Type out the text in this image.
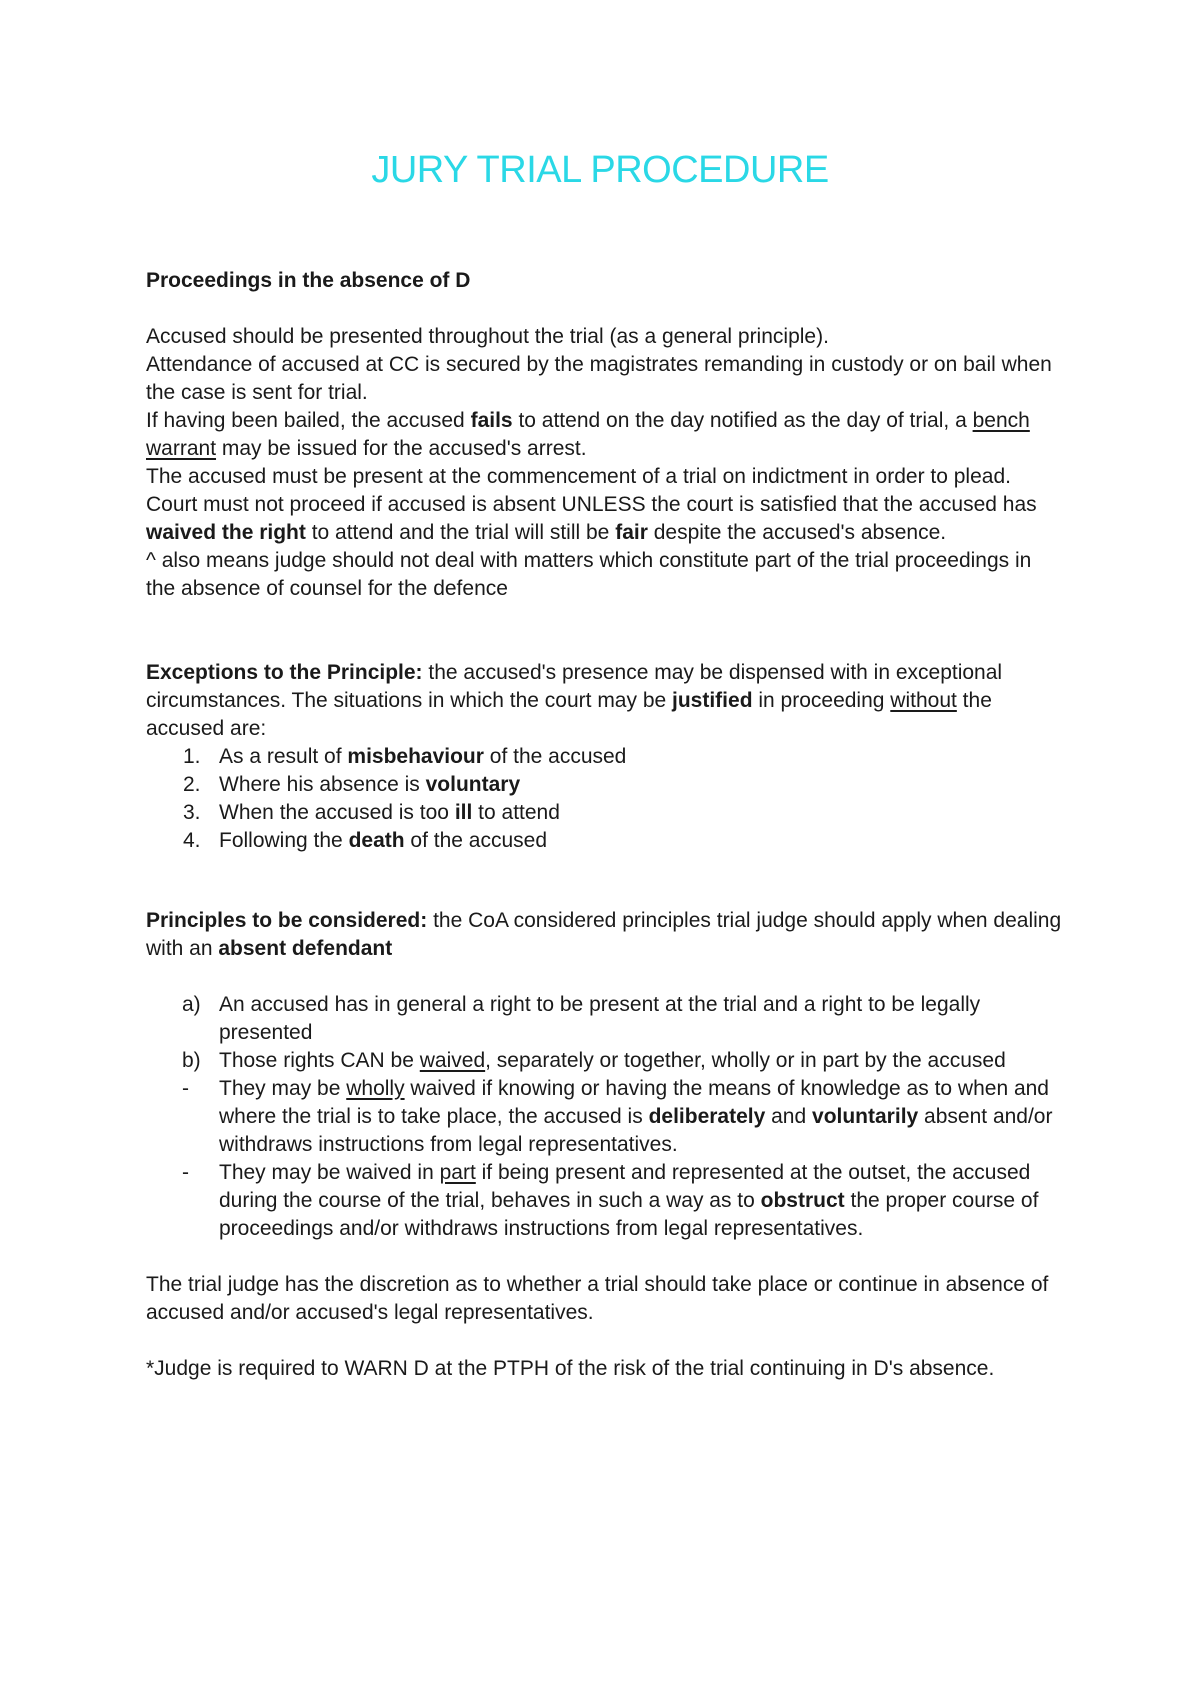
JURY TRIAL PROCEDURE

Proceedings in the absence of D

Accused should be presented throughout the trial (as a general principle).

Attendance of accused at CC is secured by the magistrates remanding in custody or on bail when the case is sent for trial.

If having been bailed, the accused fails to attend on the day notified as the day of trial, a bench warrant may be issued for the accused's arrest.

The accused must be present at the commencement of a trial on indictment in order to plead.

Court must not proceed if accused is absent UNLESS the court is satisfied that the accused has waived the right to attend and the trial will still be fair despite the accused's absence.

^ also means judge should not deal with matters which constitute part of the trial proceedings in the absence of counsel for the defence

Exceptions to the Principle: the accused's presence may be dispensed with in exceptional circumstances. The situations in which the court may be justified in proceeding without the accused are:

1. As a result of misbehaviour of the accused
2. Where his absence is voluntary
3. When the accused is too ill to attend
4. Following the death of the accused

Principles to be considered: the CoA considered principles trial judge should apply when dealing with an absent defendant

a) An accused has in general a right to be present at the trial and a right to be legally presented
b) Those rights CAN be waived, separately or together, wholly or in part by the accused
- They may be wholly waived if knowing or having the means of knowledge as to when and where the trial is to take place, the accused is deliberately and voluntarily absent and/or withdraws instructions from legal representatives.
- They may be waived in part if being present and represented at the outset, the accused during the course of the trial, behaves in such a way as to obstruct the proper course of proceedings and/or withdraws instructions from legal representatives.

The trial judge has the discretion as to whether a trial should take place or continue in absence of accused and/or accused's legal representatives.

*Judge is required to WARN D at the PTPH of the risk of the trial continuing in D's absence.
